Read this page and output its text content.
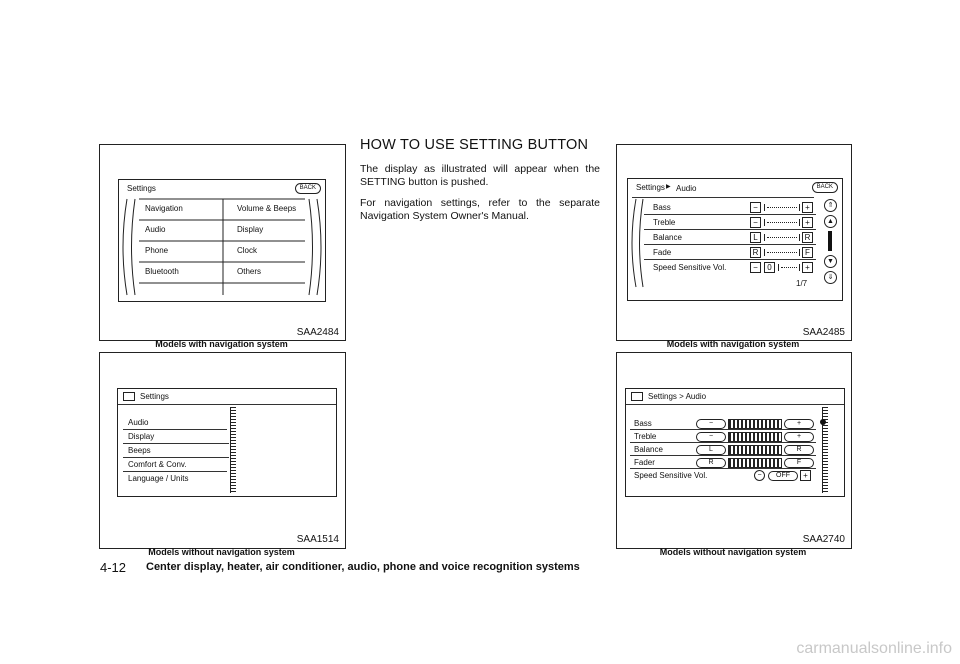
Settings	BACK
Navigation
Audio
Phone
Bluetooth
Volume & Beeps
Display
Clock
Others
SAA2484
Models with navigation system
Settings
Audio
Display
Beeps
Comfort & Conv.
Language / Units
SAA1514
Models without navigation system
HOW TO USE SETTING BUTTON
The display as illustrated will appear when the SETTING button is pushed.
For navigation settings, refer to the separate Navigation System Owner's Manual.
Settings ▶ Audio	BACK
Bass	−	+
Treble	−	+
Balance	L	R
Fade	R	F
Speed Sensitive Vol.	−	0	+
1/7
⇑
▲
▼
⇓
SAA2485
Models with navigation system
Settings > Audio
Bass	−	+
Treble	−	+
Balance	L	R
Fader	R	F
Speed Sensitive Vol.	−	OFF	+
SAA2740
Models without navigation system
4-12 Center display, heater, air conditioner, audio, phone and voice recognition systems
carmanualsonline.info
